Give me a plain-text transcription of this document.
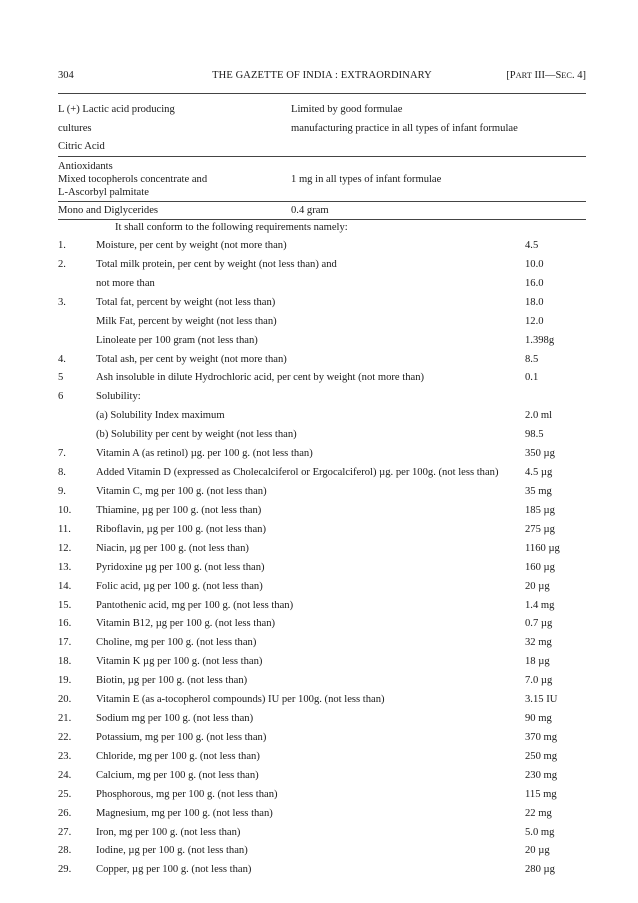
304	THE GAZETTE OF INDIA : EXTRAORDINARY	[PART III—SEC. 4]
L (+) Lactic acid producing	Limited by good formulae
cultures	manufacturing practice in all types of infant formulae
Citric Acid
Antioxidants
Mixed tocopherols concentrate and	1 mg in all types of infant formulae
L-Ascorbyl palmitate
Mono and Diglycerides	0.4 gram
It shall conform to the following requirements namely:
1.	Moisture, per cent by weight (not more than)	4.5
2.	Total milk protein, per cent by weight (not less than) and	10.0
not more than	16.0
3.	Total fat, percent by weight (not less than)	18.0
Milk Fat, percent by weight (not less than)	12.0
Linoleate per 100 gram (not less than)	1.398g
4.	Total ash, per cent by weight (not more than)	8.5
5	Ash insoluble in dilute Hydrochloric acid, per cent by weight (not more than)	0.1
6	Solubility:
(a) Solubility Index maximum	2.0 ml
(b) Solubility per cent by weight (not less than)	98.5
7.	Vitamin A (as retinol) µg. per 100 g. (not less than)	350 µg
8.	Added Vitamin D (expressed as Cholecalciferol or Ergocalciferol) µg. per 100g. (not less than) 4.5 µg
9.	Vitamin C, mg per 100 g. (not less than)	35 mg
10. Thiamine, µg per 100 g. (not less than)	185 µg
11. Riboflavin, µg per 100 g. (not less than)	275 µg
12. Niacin, µg per 100 g. (not less than)	1160 µg
13. Pyridoxine µg per 100 g. (not less than)	160 µg
14. Folic acid, µg per 100 g. (not less than)	20 µg
15. Pantothenic acid, mg per 100 g. (not less than)	1.4 mg
16. Vitamin B12, µg per 100 g. (not less than)	0.7 µg
17. Choline, mg per 100 g. (not less than)	32 mg
18. Vitamin K µg per 100 g. (not less than)	18 µg
19. Biotin, µg per 100 g. (not less than)	7.0 µg
20. Vitamin E (as a-tocopherol compounds) IU per 100g. (not less than)	3.15 IU
21. Sodium mg per 100 g. (not less than)	90 mg
22. Potassium, mg per 100 g. (not less than)	370 mg
23. Chloride, mg per 100 g. (not less than)	250 mg
24. Calcium, mg per 100 g. (not less than)	230 mg
25. Phosphorous, mg per 100 g. (not less than)	115 mg
26. Magnesium, mg per 100 g. (not less than)	22 mg
27. Iron, mg per 100 g. (not less than)	5.0 mg
28. Iodine, µg per 100 g. (not less than)	20 µg
29. Copper, µg per 100 g. (not less than)	280 µg
